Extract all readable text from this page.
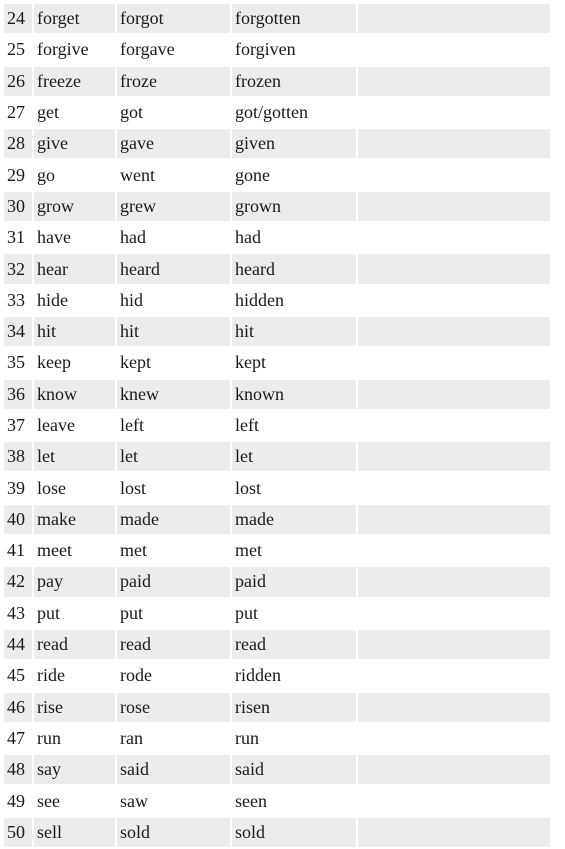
24	forget	forgot	forgotten	
25	forgive	forgave	forgiven	
26	freeze	froze	frozen	
27	get	got	got/gotten	
28	give	gave	given	
29	go	went	gone	
30	grow	grew	grown	
31	have	had	had	
32	hear	heard	heard	
33	hide	hid	hidden	
34	hit	hit	hit	
35	keep	kept	kept	
36	know	knew	known	
37	leave	left	left	
38	let	let	let	
39	lose	lost	lost	
40	make	made	made	
41	meet	met	met	
42	pay	paid	paid	
43	put	put	put	
44	read	read	read	
45	ride	rode	ridden	
46	rise	rose	risen	
47	run	ran	run	
48	say	said	said	
49	see	saw	seen	
50	sell	sold	sold	
